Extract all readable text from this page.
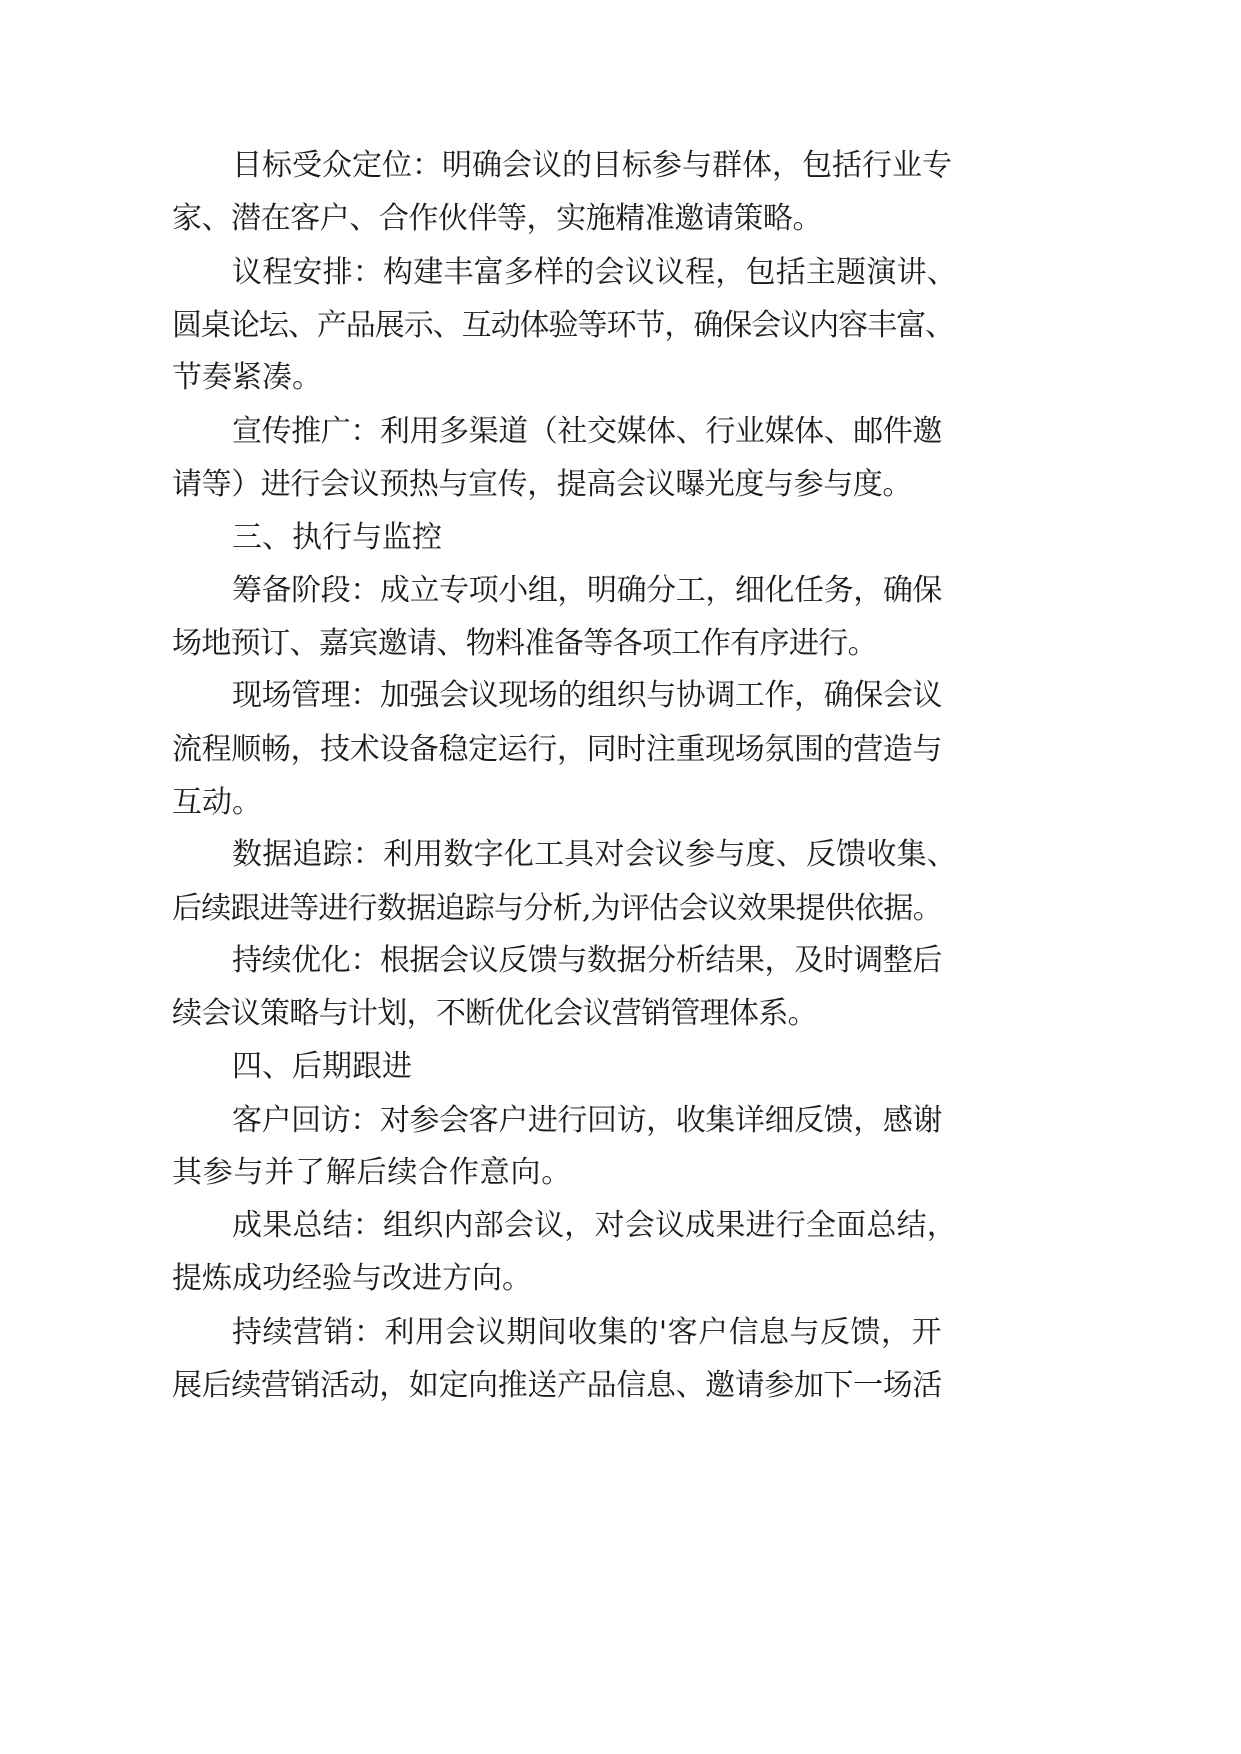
目标受众定位：明确会议的目标参与群体，包括行业专
家、潜在客户、合作伙伴等，实施精准邀请策略。
议程安排：构建丰富多样的会议议程，包括主题演讲、
圆桌论坛、产品展示、互动体验等环节，确保会议内容丰富、
节奏紧凑。
宣传推广：利用多渠道（社交媒体、行业媒体、邮件邀
请等）进行会议预热与宣传，提高会议曝光度与参与度。
三、执行与监控
筹备阶段：成立专项小组，明确分工，细化任务，确保
场地预订、嘉宾邀请、物料准备等各项工作有序进行。
现场管理：加强会议现场的组织与协调工作，确保会议
流程顺畅，技术设备稳定运行，同时注重现场氛围的营造与
互动。
数据追踪：利用数字化工具对会议参与度、反馈收集、
后续跟进等进行数据追踪与分析,为评估会议效果提供依据。
持续优化：根据会议反馈与数据分析结果，及时调整后
续会议策略与计划，不断优化会议营销管理体系。
四、后期跟进
客户回访：对参会客户进行回访，收集详细反馈，感谢
其参与并了解后续合作意向。
成果总结：组织内部会议，对会议成果进行全面总结，
提炼成功经验与改进方向。
持续营销：利用会议期间收集的'客户信息与反馈，开
展后续营销活动，如定向推送产品信息、邀请参加下一场活
